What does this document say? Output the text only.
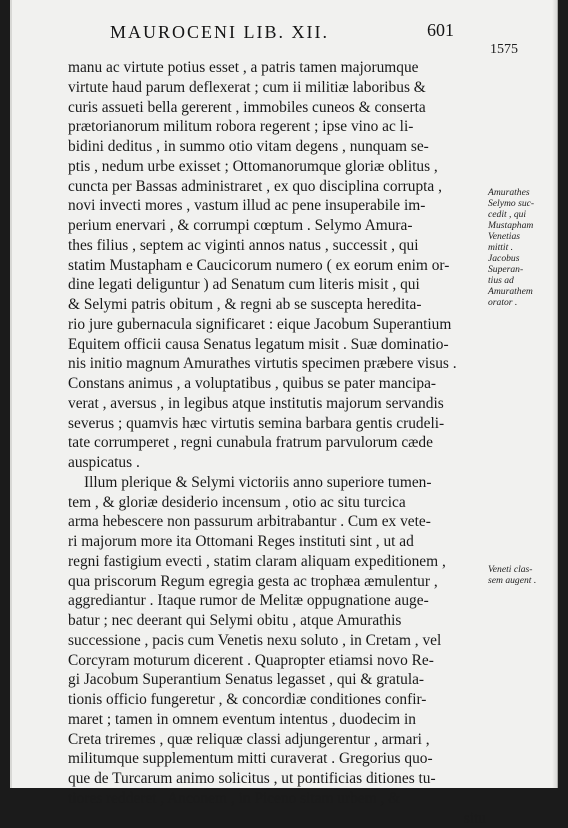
MAUROCENI LIB. XII.	601
1575
manu ac virtute potius esset , a patris tamen majorumque
virtute haud parum deflexerat ; cum ii militiæ laboribus &
curis assueti bella gererent , immobiles cuneos & conserta
prætorianorum militum robora regerent ; ipse vino ac li-
bidini deditus , in summo otio vitam degens , nunquam se-
ptis , nedum urbe exisset ; Ottomanorumque gloriæ oblitus ,
cuncta per Bassas administraret , ex quo disciplina corrupta ,
novi invecti mores , vastum illud ac pene insuperabile im-
perium enervari , & corrumpi cœptum . Selymo Amura-
thes filius , septem ac viginti annos natus , successit , qui
statim Mustapham e Caucicorum numero ( ex eorum enim or-
dine legati deliguntur ) ad Senatum cum literis misit , qui
& Selymi patris obitum , & regni ab se suscepta heredita-
rio jure gubernacula significaret : eique Jacobum Superantium
Equitem officii causa Senatus legatum misit . Suæ dominatio-
nis initio magnum Amurathes virtutis specimen præbere visus .
Constans animus , a voluptatibus , quibus se pater mancipa-
verat , aversus , in legibus atque institutis majorum servandis
severus ; quamvis hæc virtutis semina barbara gentis crudeli-
tate corrumperet , regni cunabula fratrum parvulorum cæde
auspicatus .
Illum plerique & Selymi victoriis anno superiore tumen-
tem , & gloriæ desiderio incensum , otio ac situ turcica
arma hebescere non passurum arbitrabantur . Cum ex vete-
ri majorum more ita Ottomani Reges instituti sint , ut ad
regni fastigium evecti , statim claram aliquam expeditionem ,
qua priscorum Regum egregia gesta ac trophæa æmulentur ,
aggrediantur . Itaque rumor de Melitæ oppugnatione auge-
batur ; nec deerant qui Selymi obitu , atque Amurathis
successione , pacis cum Venetis nexu soluto , in Cretam , vel
Corcyram moturum dicerent . Quapropter etiamsi novo Re-
gi Jacobum Superantium Senatus legasset , qui & gratula-
tionis officio fungeretur , & concordiæ conditiones confir-
maret ; tamen in omnem eventum intentus , duodecim in
Creta triremes , quæ reliquæ classi adjungerentur , armari ,
militumque supplementum mitti curaverat . Gregorius quo-
que de Turcarum animo solicitus , ut pontificias ditiones tu-
tiores redderet , Anconem , in Piceno sitam urbem , &
situ
Amurathes
Selymo suc-
cedit , qui
Mustapham
Venetias
mittit .
Jacobus
Superan-
tius ad
Amurathem
orator .
Veneti clas-
sem augent .
